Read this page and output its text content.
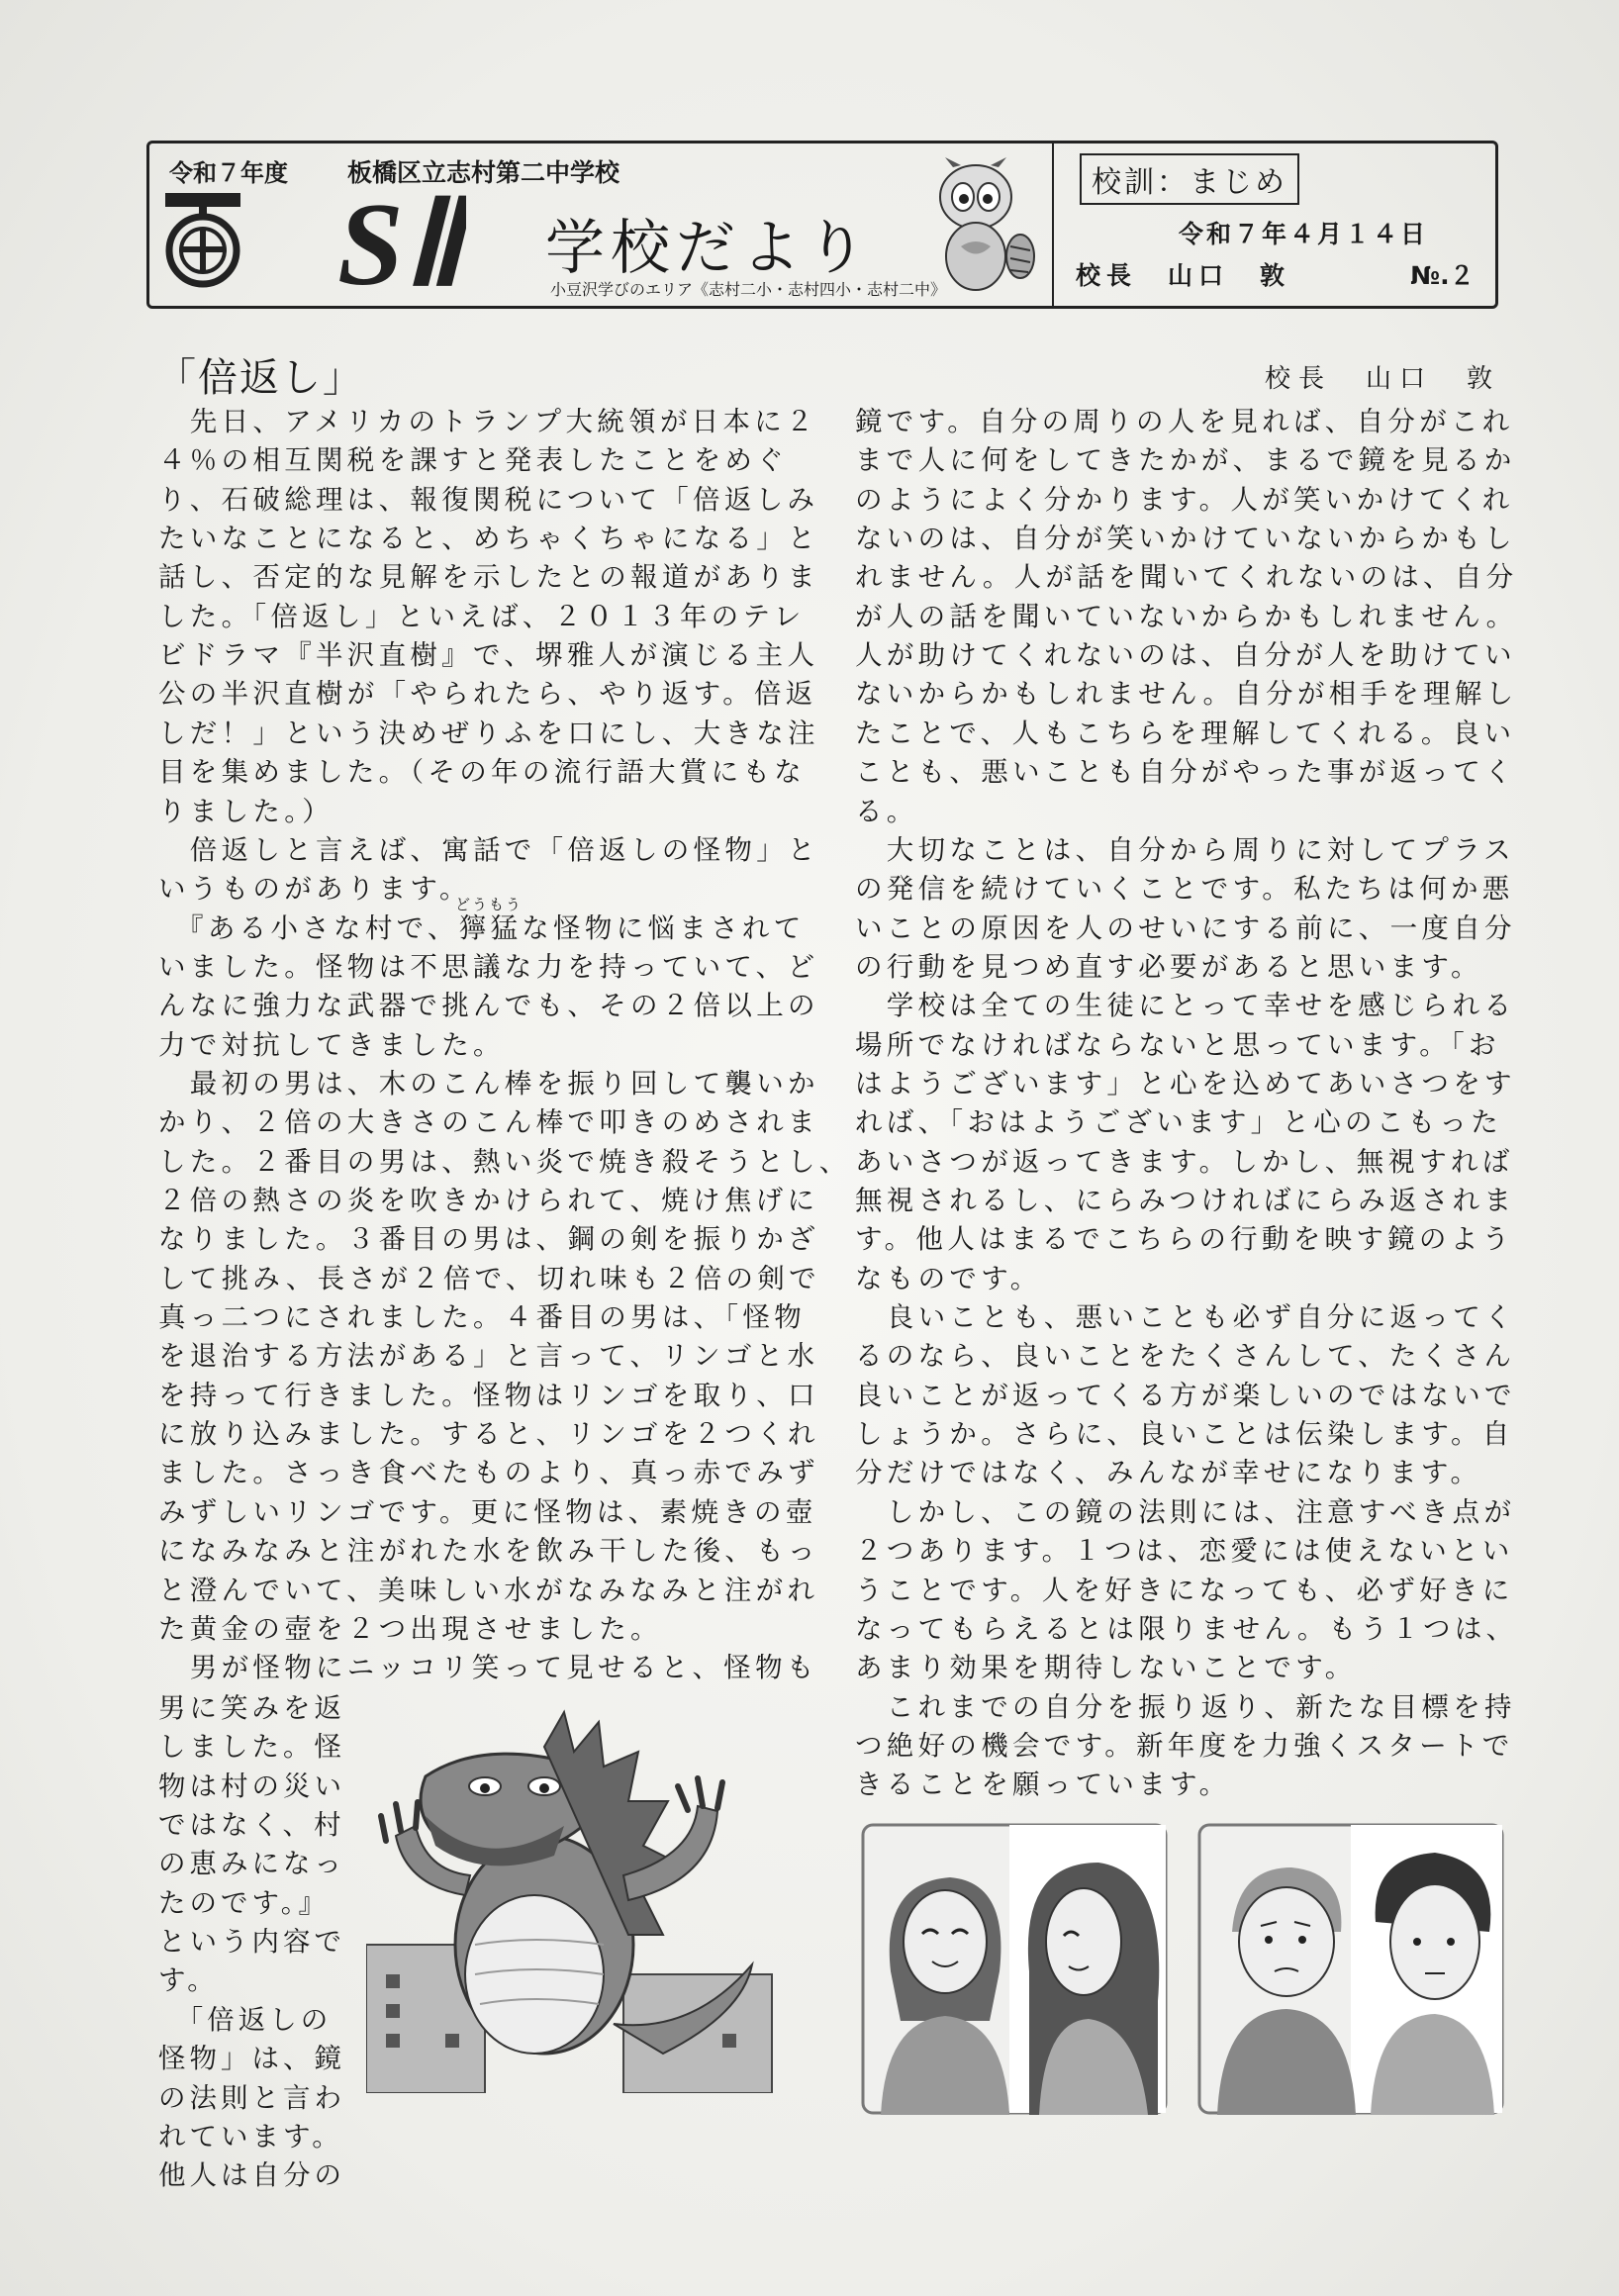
令和７年度 板橋区立志村第二中学校
SⅡ 学校だより
小豆沢学びのエリア《志村二小・志村四小・志村二中》
校訓：まじめ
令和７年４月１４日
校長　山口　敦	№.２
「倍返し」	校長　山口　敦
どうもう
　先日、アメリカのトランプ大統領が日本に２
４％の相互関税を課すと発表したことをめぐ
り、石破総理は、報復関税について「倍返しみ
たいなことになると、めちゃくちゃになる」と
話し、否定的な見解を示したとの報道がありま
した。「倍返し」といえば、２０１３年のテレ
ビドラマ『半沢直樹』で、堺雅人が演じる主人
公の半沢直樹が「やられたら、やり返す。倍返
しだ！」という決めぜりふを口にし、大きな注
目を集めました。（その年の流行語大賞にもな
りました。）
　倍返しと言えば、寓話で「倍返しの怪物」と
いうものがあります。
　『ある小さな村で、獰猛な怪物に悩まされて
いました。怪物は不思議な力を持っていて、ど
んなに強力な武器で挑んでも、その２倍以上の
力で対抗してきました。
　最初の男は、木のこん棒を振り回して襲いか
かり、２倍の大きさのこん棒で叩きのめされま
した。２番目の男は、熱い炎で焼き殺そうとし、
２倍の熱さの炎を吹きかけられて、焼け焦げに
なりました。３番目の男は、鋼の剣を振りかざ
して挑み、長さが２倍で、切れ味も２倍の剣で
真っ二つにされました。４番目の男は、「怪物
を退治する方法がある」と言って、リンゴと水
を持って行きました。怪物はリンゴを取り、口
に放り込みました。すると、リンゴを２つくれ
ました。さっき食べたものより、真っ赤でみず
みずしいリンゴです。更に怪物は、素焼きの壺
になみなみと注がれた水を飲み干した後、もっ
と澄んでいて、美味しい水がなみなみと注がれ
た黄金の壺を２つ出現させました。
　男が怪物にニッコリ笑って見せると、怪物も
男に笑みを返
しました。怪
物は村の災い
ではなく、村
の恵みになっ
たのです。』
という内容で
す。
　「倍返しの
怪物」は、鏡
の法則と言わ
れています。
他人は自分の
鏡です。自分の周りの人を見れば、自分がこれ
まで人に何をしてきたかが、まるで鏡を見るか
のようによく分かります。人が笑いかけてくれ
ないのは、自分が笑いかけていないからかもし
れません。人が話を聞いてくれないのは、自分
が人の話を聞いていないからかもしれません。
人が助けてくれないのは、自分が人を助けてい
ないからかもしれません。自分が相手を理解し
たことで、人もこちらを理解してくれる。良い
ことも、悪いことも自分がやった事が返ってく
る。
　大切なことは、自分から周りに対してプラス
の発信を続けていくことです。私たちは何か悪
いことの原因を人のせいにする前に、一度自分
の行動を見つめ直す必要があると思います。
　学校は全ての生徒にとって幸せを感じられる
場所でなければならないと思っています。「お
はようございます」と心を込めてあいさつをす
れば、「おはようございます」と心のこもった
あいさつが返ってきます。しかし、無視すれば
無視されるし、にらみつければにらみ返されま
す。他人はまるでこちらの行動を映す鏡のよう
なものです。
　良いことも、悪いことも必ず自分に返ってく
るのなら、良いことをたくさんして、たくさん
良いことが返ってくる方が楽しいのではないで
しょうか。さらに、良いことは伝染します。自
分だけではなく、みんなが幸せになります。
　しかし、この鏡の法則には、注意すべき点が
２つあります。１つは、恋愛には使えないとい
うことです。人を好きになっても、必ず好きに
なってもらえるとは限りません。もう１つは、
あまり効果を期待しないことです。
　これまでの自分を振り返り、新たな目標を持
つ絶好の機会です。新年度を力強くスタートで
きることを願っています。
